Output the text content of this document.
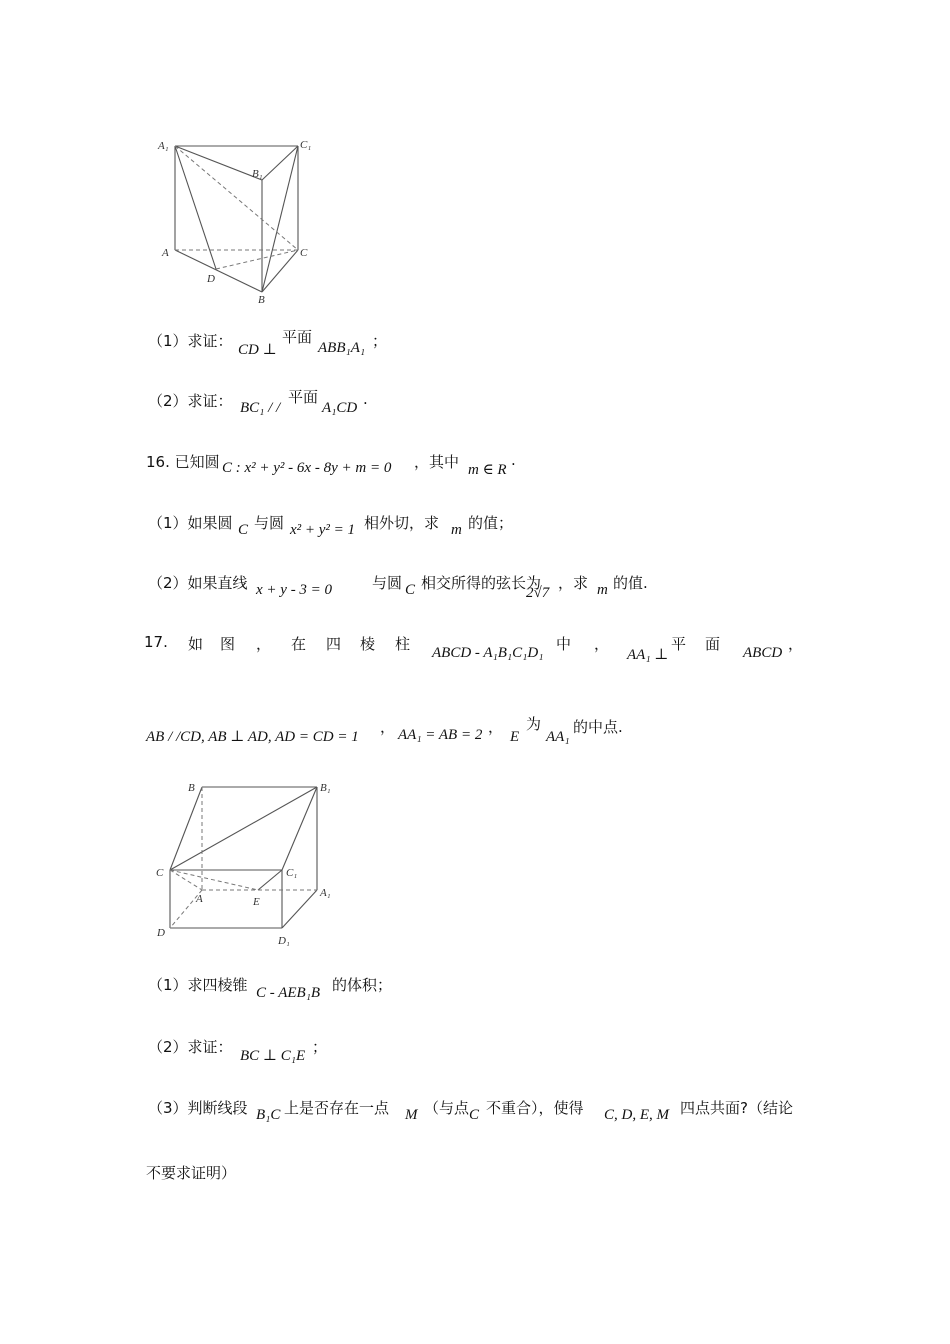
A₁	C₁
B₁
A	C
D
B
（1）求证： CD ⊥
平面
ABB₁A₁ ；
（2）求证： BC₁ / /
平面
A₁CD .
16. 已知圆 C : x² + y² - 6x - 8y + m = 0 ，其中 m ∈ R
.
（1）如果圆 C 与圆 x² + y² = 1 相外切，求 m 的值；
（2）如果直线 x + y - 3 = 0	与圆 C 相交所得的弦长为
2√7
，求 m 的值.
17. 如 图 ， 在 四 棱 柱 ABCD - A₁B₁C₁D₁ 中 ，
AA₁ ⊥
平 面 ABCD ，
AB / /CD, AB ⊥ AD, AD = CD = 1
， AA₁ = AB = 2 ，
E
为
AA₁
的中点.
B	B₁
C	C₁
A	E
A₁
D
D₁
（1）求四棱锥 C - AEB₁B 的体积；
（2）求证： BC ⊥ C₁E ；
（3）判断线段 B₁C 上是否存在一点 M （与点 C 不重合），使得 C, D, E, M 四点共面?（结论
不要求证明）
